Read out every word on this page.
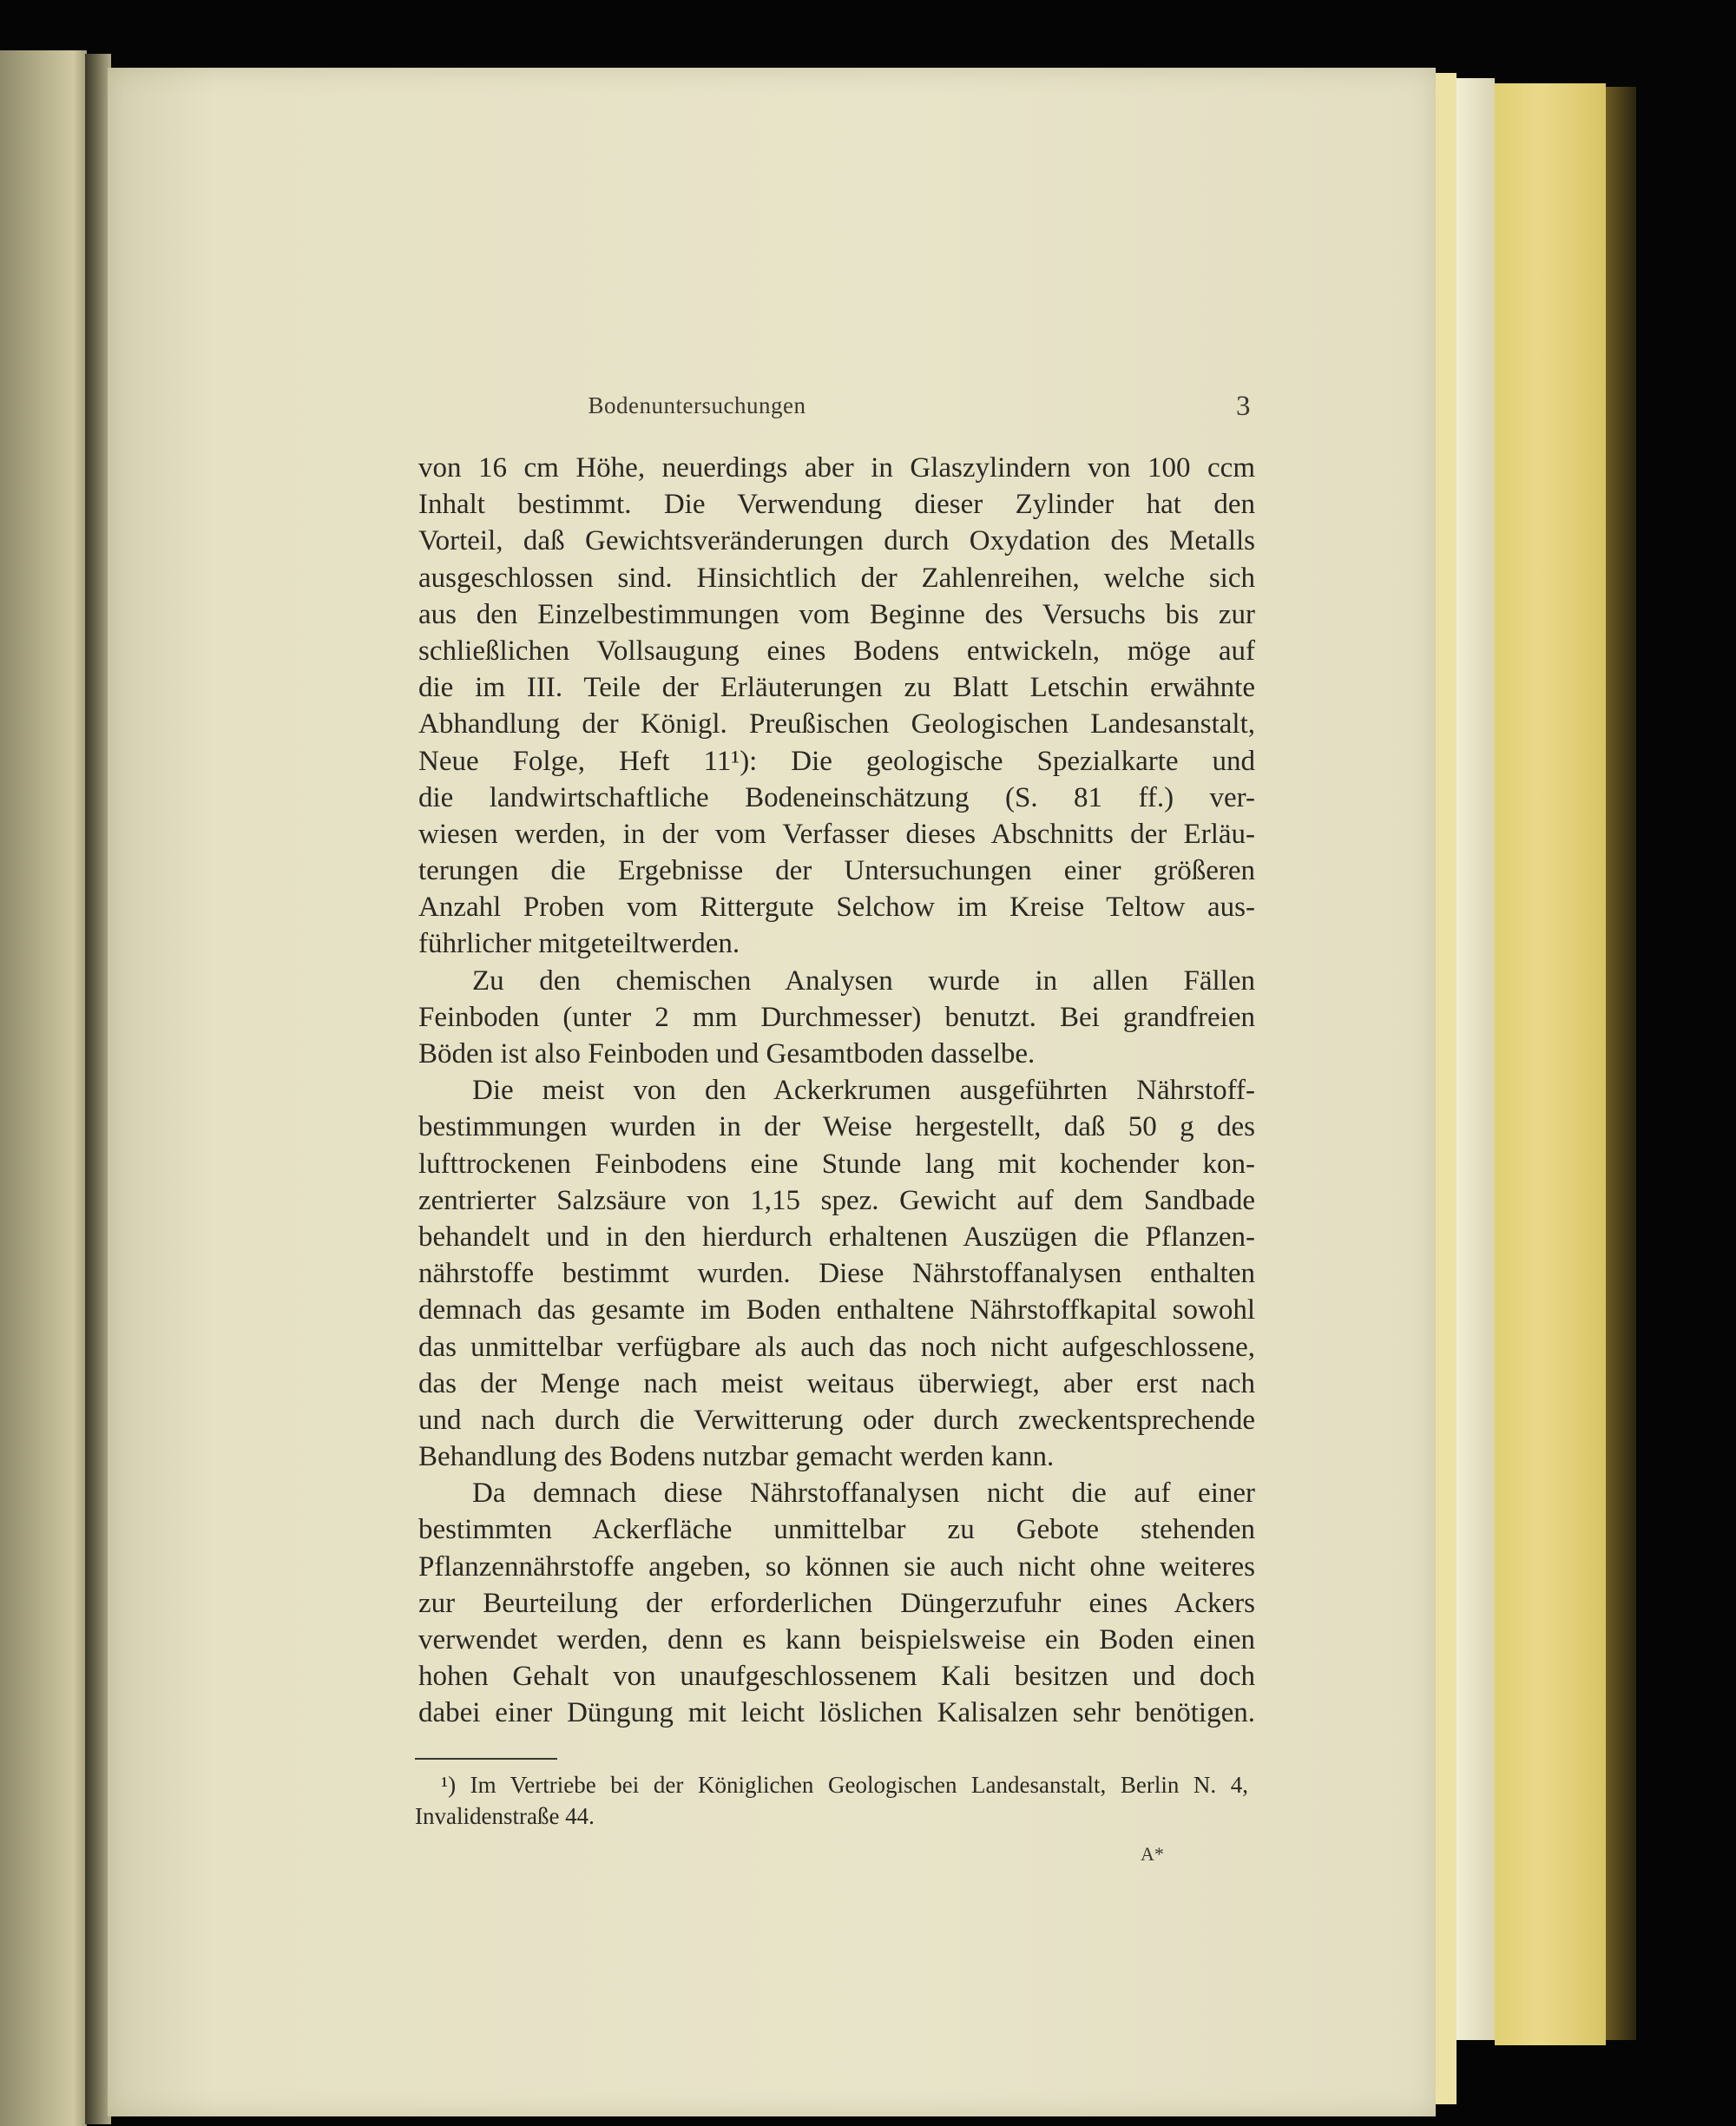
Bodenuntersuchungen	3
von 16 cm Höhe, neuerdings aber in Glaszylindern von 100 ccm
Inhalt bestimmt. Die Verwendung dieser Zylinder hat den
Vorteil, daß Gewichtsveränderungen durch Oxydation des Metalls
ausgeschlossen sind. Hinsichtlich der Zahlenreihen, welche sich
aus den Einzelbestimmungen vom Beginne des Versuchs bis zur
schließlichen Vollsaugung eines Bodens entwickeln, möge auf
die im III. Teile der Erläuterungen zu Blatt Letschin erwähnte
Abhandlung der Königl. Preußischen Geologischen Landesanstalt,
Neue Folge, Heft 11¹): Die geologische Spezialkarte und
die landwirtschaftliche Bodeneinschätzung (S. 81 ff.) ver-
wiesen werden, in der vom Verfasser dieses Abschnitts der Erläu-
terungen die Ergebnisse der Untersuchungen einer größeren
Anzahl Proben vom Rittergute Selchow im Kreise Teltow aus-
führlicher mitgeteiltwerden.
Zu den chemischen Analysen wurde in allen Fällen
Feinboden (unter 2 mm Durchmesser) benutzt. Bei grandfreien
Böden ist also Feinboden und Gesamtboden dasselbe.
Die meist von den Ackerkrumen ausgeführten Nährstoff-
bestimmungen wurden in der Weise hergestellt, daß 50 g des
lufttrockenen Feinbodens eine Stunde lang mit kochender kon-
zentrierter Salzsäure von 1,15 spez. Gewicht auf dem Sandbade
behandelt und in den hierdurch erhaltenen Auszügen die Pflanzen-
nährstoffe bestimmt wurden. Diese Nährstoffanalysen enthalten
demnach das gesamte im Boden enthaltene Nährstoffkapital sowohl
das unmittelbar verfügbare als auch das noch nicht aufgeschlossene,
das der Menge nach meist weitaus überwiegt, aber erst nach
und nach durch die Verwitterung oder durch zweckentsprechende
Behandlung des Bodens nutzbar gemacht werden kann.
Da demnach diese Nährstoffanalysen nicht die auf einer
bestimmten Ackerfläche unmittelbar zu Gebote stehenden
Pflanzennährstoffe angeben, so können sie auch nicht ohne weiteres
zur Beurteilung der erforderlichen Düngerzufuhr eines Ackers
verwendet werden, denn es kann beispielsweise ein Boden einen
hohen Gehalt von unaufgeschlossenem Kali besitzen und doch
dabei einer Düngung mit leicht löslichen Kalisalzen sehr benötigen.
¹) Im Vertriebe bei der Königlichen Geologischen Landesanstalt, Berlin N. 4,
Invalidenstraße 44.
A*
